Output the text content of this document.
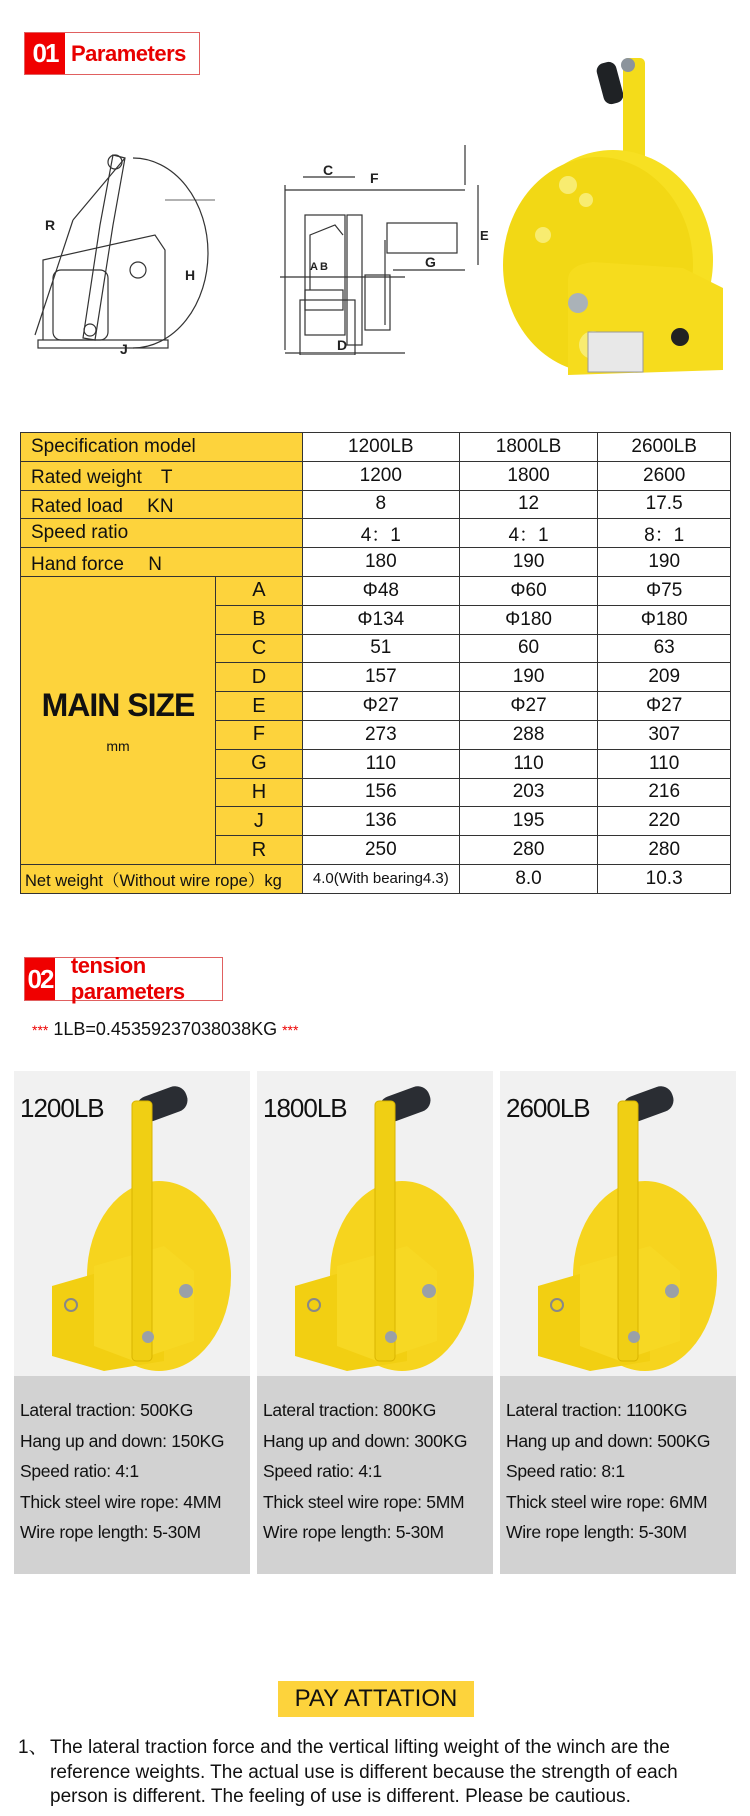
01 Parameters
R
H
J
F
C
G
E
A B
D
Specification model		1200LB	1800LB	2600LB
Rated weight　T		1200	1800	2600
Rated load　 KN		8	12	17.5
Speed ratio		4：1	4：1	8：1
Hand force　 N		180	190	190

MAIN SIZE
mm	A	Φ48	Φ60	Φ75
	B	Φ134	Φ180	Φ180
	C	51	60	63
	D	157	190	209
	E	Φ27	Φ27	Φ27
	F	273	288	307
	G	110	110	110
	H	156	203	216
	J	136	195	220
	R	250	280	280
Net weight（Without wire rope）kg		4.0(With bearing4.3)	8.0	10.3
02 tension parameters
*** 1LB=0.45359237038038KG ***
1200LB
Lateral traction: 500KG
Hang up and down: 150KG
Speed ratio: 4:1
Thick steel wire rope: 4MM
Wire rope length: 5-30M
1800LB
Lateral traction: 800KG
Hang up and down: 300KG
Speed ratio: 4:1
Thick steel wire rope: 5MM
Wire rope length: 5-30M
2600LB
Lateral traction: 1100KG
Hang up and down: 500KG
Speed ratio: 8:1
Thick steel wire rope: 6MM
Wire rope length: 5-30M
PAY ATTATION
1、 The lateral traction force and the vertical lifting weight of the winch are the reference weights. The actual use is different because the strength of each person is different. The feeling of use is different. Please be cautious.
